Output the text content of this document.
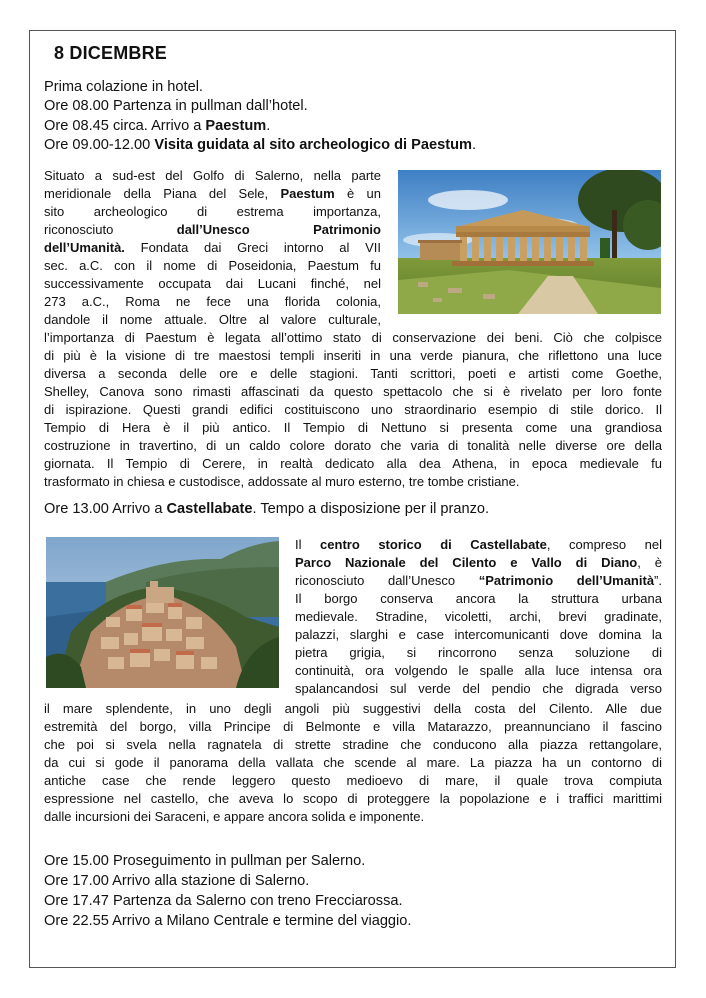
8 DICEMBRE
Prima colazione in hotel.
Ore 08.00 Partenza in pullman dall’hotel.
Ore 08.45 circa. Arrivo a Paestum.
Ore 09.00-12.00 Visita guidata al sito archeologico di Paestum.
Situato a sud-est del Golfo di Salerno, nella parte
meridionale della Piana del Sele, Paestum è un
sito archeologico di estrema importanza,
riconosciuto dall’Unesco Patrimonio
dell’Umanità. Fondata dai Greci intorno al VII
sec. a.C. con il nome di Poseidonia, Paestum fu
successivamente occupata dai Lucani finché, nel
273 a.C., Roma ne fece una florida colonia,
dandole il nome attuale. Oltre al valore culturale,
l’importanza di Paestum è legata all’ottimo stato di conservazione dei beni. Ciò che colpisce
di più è la visione di tre maestosi templi inseriti in una verde pianura, che riflettono una luce
diversa a seconda delle ore e delle stagioni. Tanti scrittori, poeti e artisti come Goethe,
Shelley, Canova sono rimasti affascinati da questo spettacolo che si è rivelato per loro fonte
di ispirazione. Questi grandi edifici costituiscono uno straordinario esempio di stile dorico. Il
Tempio di Hera è il più antico. Il Tempio di Nettuno si presenta come una grandiosa
costruzione in travertino, di un caldo colore dorato che varia di tonalità nelle diverse ore della
giornata. Il Tempio di Cerere, in realtà dedicato alla dea Athena, in epoca medievale fu
trasformato in chiesa e custodisce, addossate al muro esterno, tre tombe cristiane.
Ore 13.00 Arrivo a Castellabate. Tempo a disposizione per il pranzo.
Il centro storico di Castellabate, compreso nel
Parco Nazionale del Cilento e Vallo di Diano, è
riconosciuto dall’Unesco “Patrimonio dell’Umanità”.
Il borgo conserva ancora la struttura urbana
medievale. Stradine, vicoletti, archi, brevi gradinate,
palazzi, slarghi e case intercomunicanti dove domina la
pietra grigia, si rincorrono senza soluzione di
continuità, ora volgendo le spalle alla luce intensa ora
spalancandosi sul verde del pendio che digrada verso
il mare splendente, in uno degli angoli più suggestivi della costa del Cilento. Alle due
estremità del borgo, villa Principe di Belmonte e villa Matarazzo, preannunciano il fascino
che poi si svela nella ragnatela di strette stradine che conducono alla piazza rettangolare,
da cui si gode il panorama della vallata che scende al mare. La piazza ha un contorno di
antiche case che rende leggero questo medioevo di mare, il quale trova compiuta
espressione nel castello, che aveva lo scopo di proteggere la popolazione e i traffici marittimi
dalle incursioni dei Saraceni, e appare ancora solida e imponente.
Ore 15.00 Proseguimento in pullman per Salerno.
Ore 17.00 Arrivo alla stazione di Salerno.
Ore 17.47 Partenza da Salerno con treno Frecciarossa.
Ore 22.55 Arrivo a Milano Centrale e termine del viaggio.
